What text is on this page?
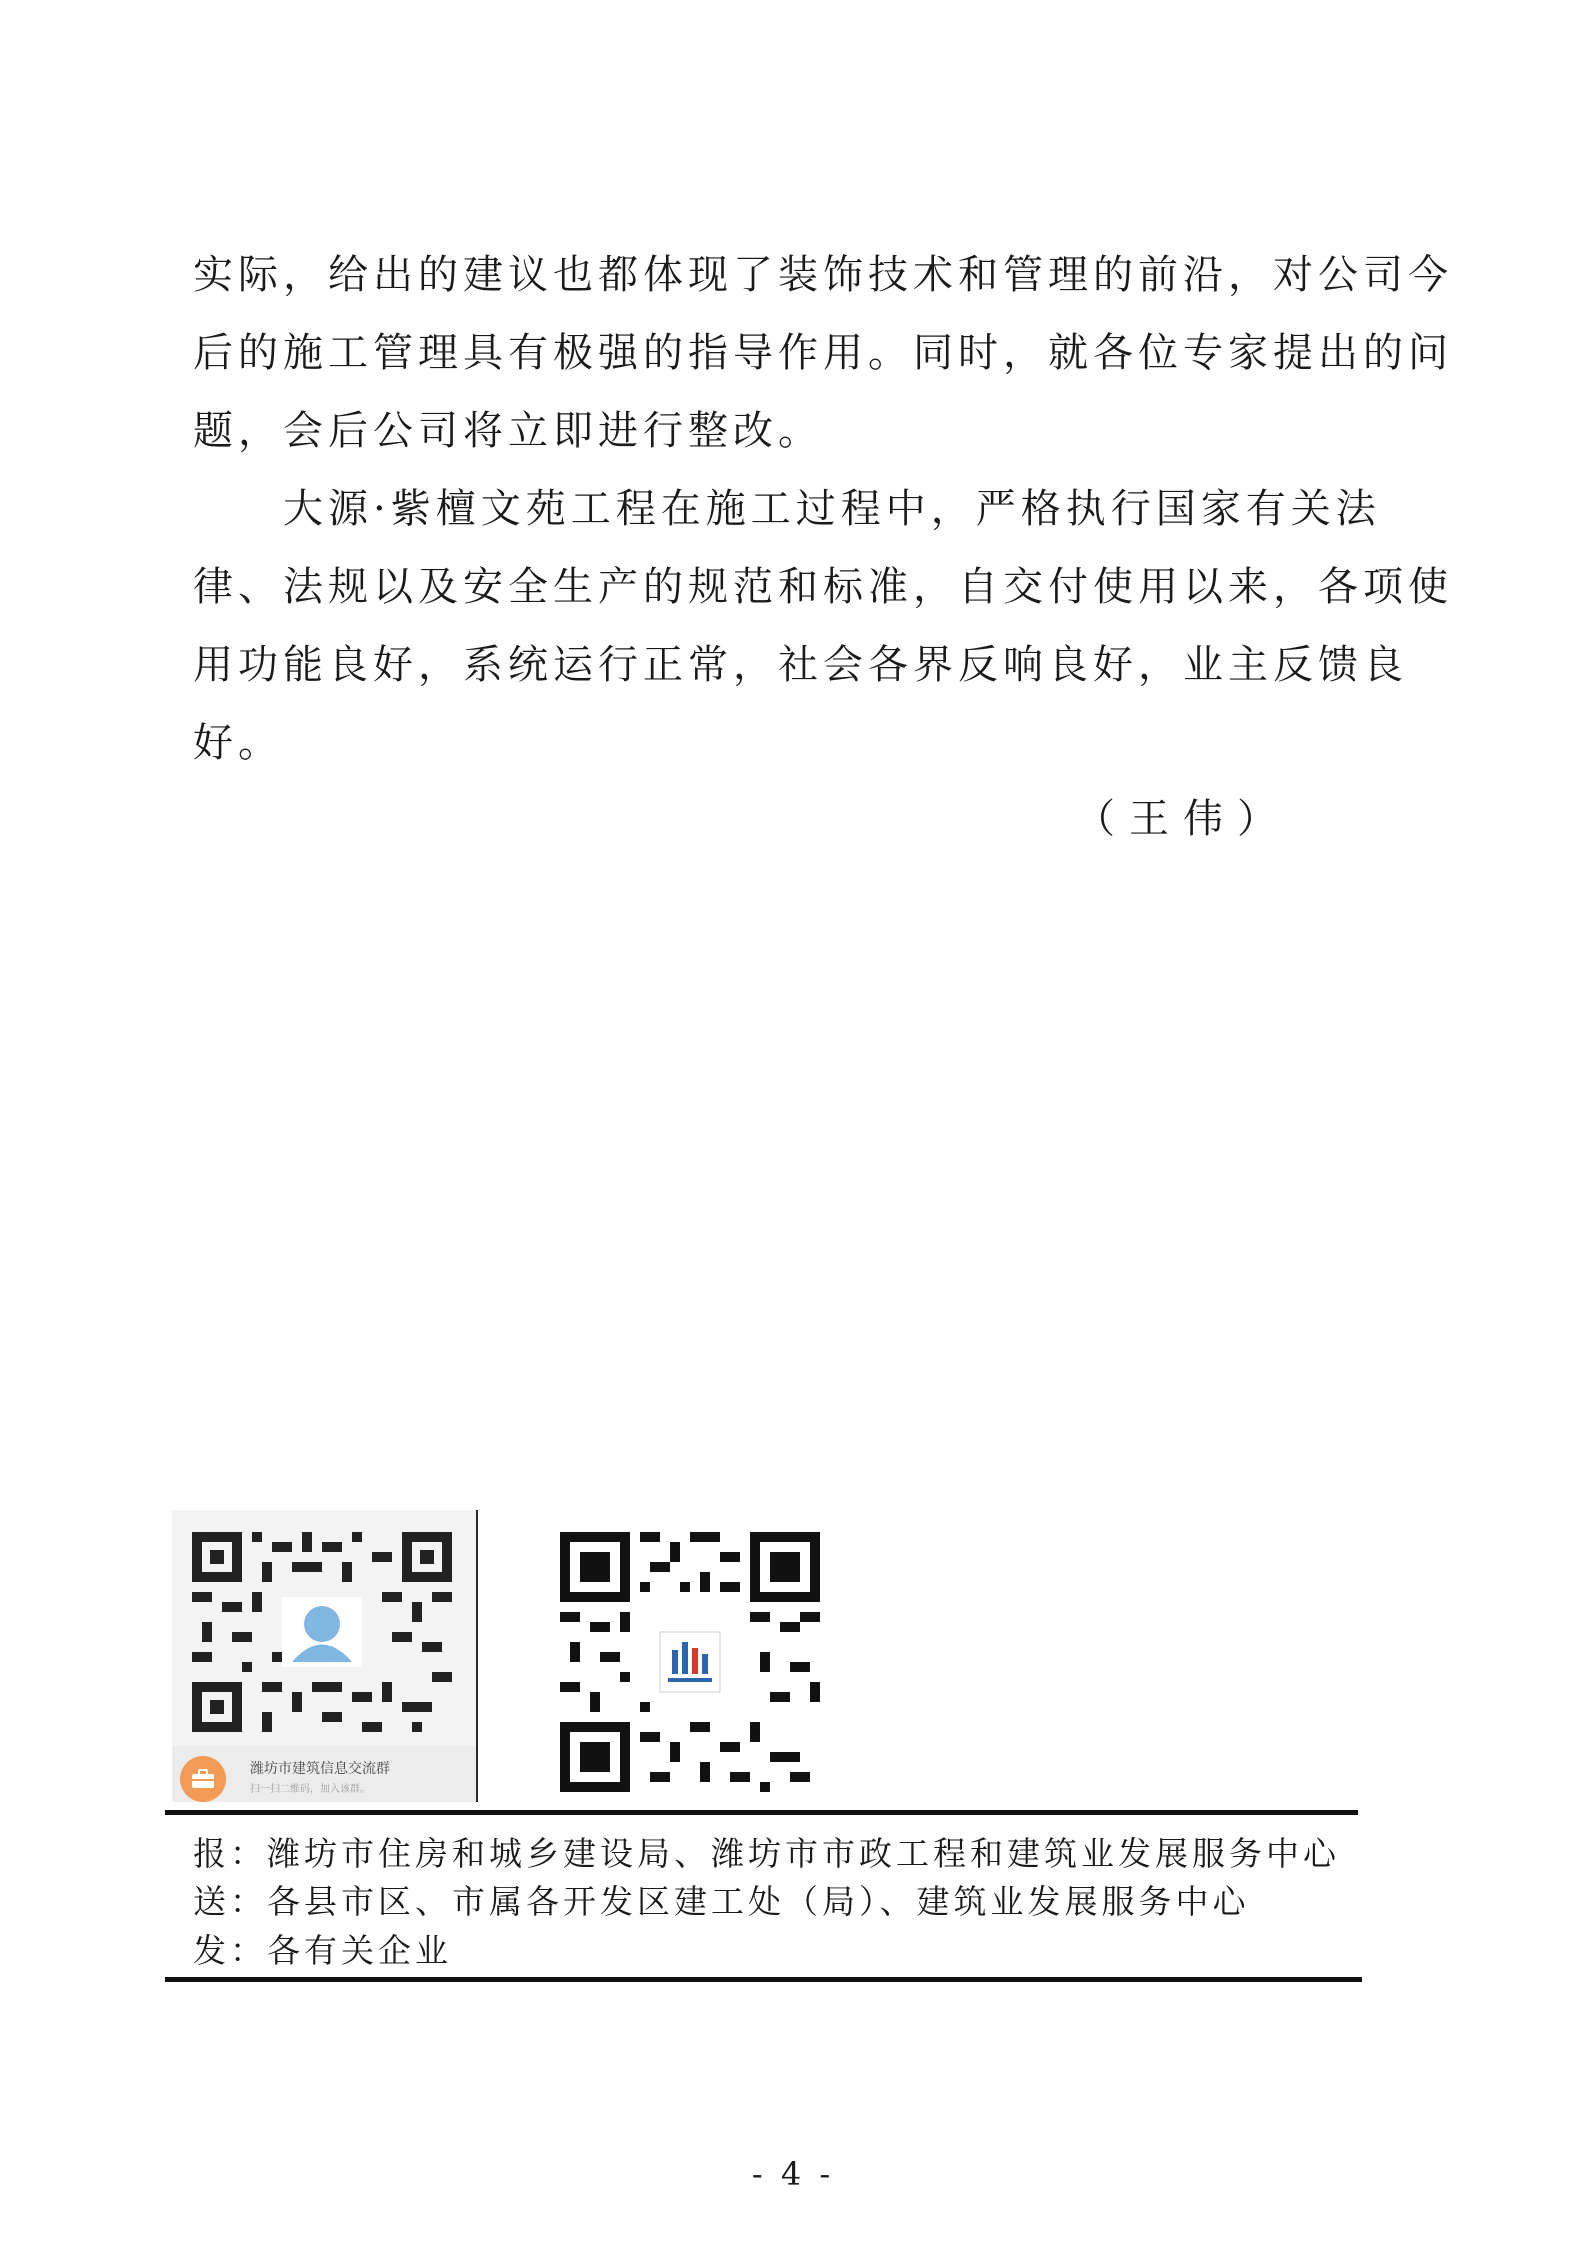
实际，给出的建议也都体现了装饰技术和管理的前沿，对公司今
后的施工管理具有极强的指导作用。同时，就各位专家提出的问
题，会后公司将立即进行整改。
　　大源·紫檀文苑工程在施工过程中，严格执行国家有关法
律、法规以及安全生产的规范和标准，自交付使用以来，各项使
用功能良好，系统运行正常，社会各界反响良好，业主反馈良
好。
（王伟）
潍坊市建筑信息交流群
扫一扫二维码，加入该群。
报：潍坊市住房和城乡建设局、潍坊市市政工程和建筑业发展服务中心
送：各县市区、市属各开发区建工处（局）、建筑业发展服务中心
发：各有关企业
- 4 -
